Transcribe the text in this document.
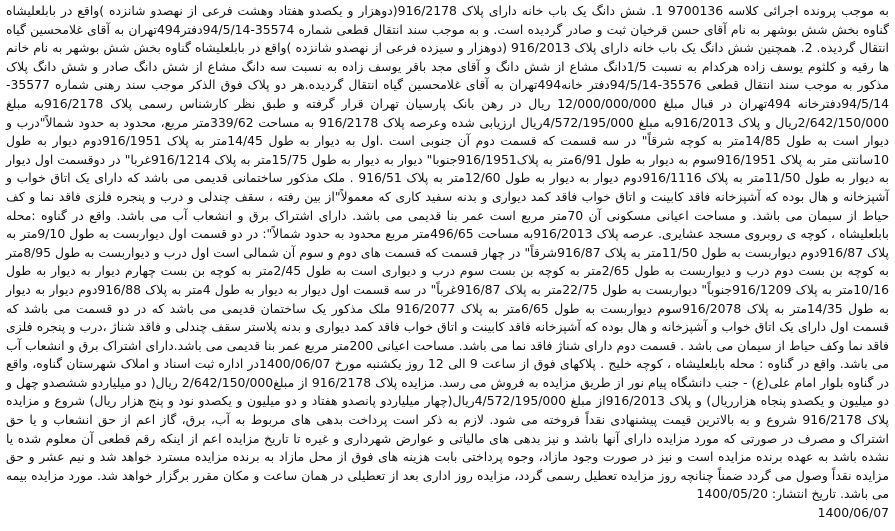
به موجب پرونده اجرائی کلاسه 9700136 1. شش دانگ یک باب خانه دارای پلاک 916/2178(دوهزار و یکصدو هفتاد وهشت فرعی از نهصدو شانزده )واقع در بابلعلیشاه گناوه بخش شش بوشهر به نام آقای حسن قرخیان ثبت و صادر گردیده است. و به موجب سند انتقال قطعی شماره 35574-94/5/14دفتر494تهران به آقای غلامحسین گیاه انتقال گردیده. 2. همچنین شش دانگ یک باب خانه دارای پلاک 916/2013 (دوهزار و سیزده فرعی از نهصدو شانزده )واقع در بابلعلیشاه گناوه بخش شش بوشهر به نام خانم ها رقیه و کلثوم یوسف زاده هرکدام به نسبت 1/5دانگ مشاع از شش دانگ و آقای مجد باقر یوسف زاده به نسبت سه دانگ مشاع از شش دانگ صادر و شش دانگ پلاک مذکور به موجب سند انتقال قطعی 35576-94/5/14دفتر خانه494تهران به آقای غلامحسین گیاه انتقال گردیده.هر دو پلاک فوق الذکر موجب سند رهنی شماره 35577-94/5/14دفترخانه 494تهران در قبال مبلغ 12/000/000/000 ریال در رهن بانک پارسیان تهران قرار گرفته و طبق نظر کارشناس رسمی پلاک 916/2178به مبلغ 2/642/150/000ریال و پلاک 916/2013به مبلغ 4/572/195/000ریال ارزیابی شده وعرصه پلاک 916/2178 به مساحت 339/62متر مربع، محدود به حدود شمالاً"درب و دیوار است به طول 14/85متر به کوچه شرقاً" در سه قسمت که قسمت دوم آن جنوبی است .اول به دیوار به طول 14/45متر به پلاک 916/1951دوم دیوار به طول 10سانتی متر به پلاک 916/1951سوم به دیوار به طول 6/91متر به پلاک916/1951جنوبا" دیوار به دیوار به طول 15/75متر به پلاک 916/1214غربا" در دوقسمت اول دیوار به دیوار به طول 11/50متر به پلاک 916/1116دوم دیوار به دیوار به طول 12/60متر به پلاک 916/51 . ملک مذکور ساختمانی قدیمی می باشد که دارای یک اتاق خواب و آشپزخانه و هال بوده که آشپزخانه فاقد کابینت و اتاق خواب فاقد کمد دیواری و بدنه سفید کاری که معمولاً"از بین رفته ، سقف چندلی و درب و پنجره فلزی فاقد نما و کف حیاط از سیمان می باشد. و مساحت اعیانی مسکونی آن 70متر مربع است عمر بنا قدیمی می باشد. دارای اشتراک برق و انشعاب آب می باشد. واقع در گناوه :محله بابلعلیشاه ، کوچه ی روبروی مسجد عشایری. عرصه پلاک 916/2013به مساحت 496/65متر مربع محدود به حدود شمالاً": در دو قسمت اول دیواربست به طول 9/10متر به پلاک 916/87دوم دیواربست به طول 11/50متر به پلاک 916/87شرقاً" در چهار قسمت که قسمت های دوم و سوم آن شمالی است اول درب و دیواربست به طول 8/95متر به کوچه بن بست دوم درب و دیواربست به طول 2/65متر به کوچه بن بست سوم درب و دیواری است به طول 2/45متر به کوچه بن بست چهارم دیوار به دیوار به طول 10/16متر به پلاک 916/1209جنوباً" دیواربست به طول 22/75متر به پلاک 916/87غرباً" در سه قسمت اول دیوار به دیوار به طول 4متر به پلاک 916/88دوم دیوار به دیوار به طول 14/35متر به پلاک 916/2078سوم دیواربست به طول 6/65متر به پلاک 916/2077 ملک مذکور یک ساختمان قدیمی می باشد که در دو قسمت می باشد که قسمت اول دارای یک اتاق خواب و آشپزخانه و هال بوده که آشپزخانه فاقد کابینت و اتاق خواب فاقد کمد دیواری و بدنه پلاستر سقف چندلی و فاقد شناژ ،درب و پنجره فلزی فاقد نما وکف حیاط از سیمان می باشد . قسمت دوم دارای شناژ فاقد نما می باشد. مساحت اعیانی 200متر مربع عمر بنا قدیمی می باشد.دارای اشتراک برق و انشعاب آب می باشد. واقع در گناوه : محله بابلعلیشاه ، کوچه خلیج . پلاکهای فوق از ساعت 9 الی 12 روز یکشنبه مورخ 1400/06/07در اداره ثبت اسناد و املاک شهرستان گناوه، واقع در گناوه بلوار امام علی(ع) - جنب دانشگاه پیام نور از طریق مزایده به فروش می رسد. مزایده پلاک 916/2178 از مبلغ2/642/150/000 ریال( دو میلیاردو ششصدو چهل و دو میلیون و یکصدو پنجاه هزارریال) و پلاک 916/2013از مبلغ 4/572/195/000ریال(چهار میلیاردو پانصدو هفتاد و دو میلیون و یکصدو نود و پنج هزار ریال) شروع و مزایده پلاک 916/2178 شروع و به بالاترین قیمت پیشنهادی نقداً فروخته می شود. لازم به ذکر است پرداخت بدهی های مربوط به آب، برق، گاز اعم از حق انشعاب و یا حق اشتراک و مصرف در صورتی که مورد مزایده دارای آنها باشد و نیز بدهی های مالیاتی و عوارض شهرداری و غیره تا تاریخ مزایده اعم از اینکه رقم قطعی آن معلوم شده یا نشده باشد به عهده برنده مزایده است و نیز در صورت وجود مازاد، وجوه پرداختی بابت هزینه های فوق از محل مازاد به برنده مزایده مسترد خواهد شد و نیم عشر و حق مزایده نقداً وصول می گردد ضمناً چنانچه روز مزایده تعطیل رسمی گردد، مزایده روز اداری بعد از تعطیلی در همان ساعت و مکان مقرر برگزار خواهد شد. مورد مزایده بیمه می باشد. تاریخ انتشار: 1400/05/20

1400/06/07
